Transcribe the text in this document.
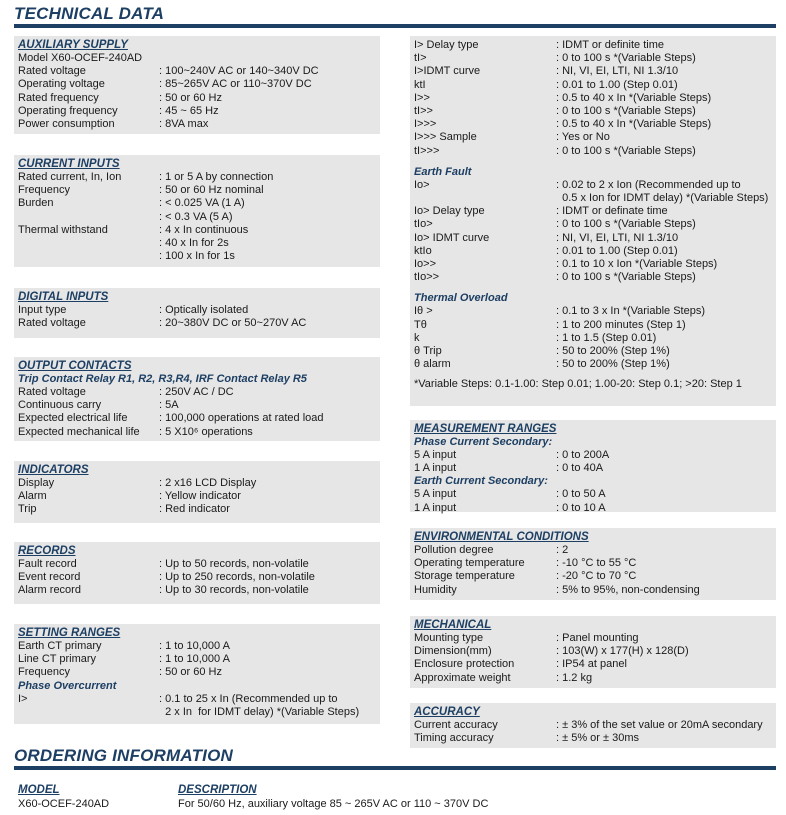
TECHNICAL DATA
AUXILIARY SUPPLY
Model X60-OCEF-240AD
Rated voltage	: 100~240V AC or 140~340V DC
Operating voltage	: 85~265V AC or 110~370V DC
Rated frequency	: 50 or 60 Hz
Operating frequency	: 45 ~ 65 Hz
Power consumption	: 8VA max
CURRENT INPUTS
Rated current, In, Ion	: 1 or 5 A by connection
Frequency	: 50 or 60 Hz nominal
Burden	: < 0.025 VA (1 A)
: < 0.3 VA (5 A)
Thermal withstand	: 4 x In continuous
: 40 x In for 2s
: 100 x In for 1s
DIGITAL INPUTS
Input type	: Optically isolated
Rated voltage	: 20~380V DC or 50~270V AC
OUTPUT CONTACTS
Trip Contact Relay R1, R2, R3,R4, IRF Contact Relay R5
Rated voltage	: 250V AC / DC
Continuous carry	: 5A
Expected electrical life	: 100,000 operations at rated load
Expected mechanical life	: 5 X10⁶ operations
INDICATORS
Display	: 2 x16 LCD Display
Alarm	: Yellow indicator
Trip	: Red indicator
RECORDS
Fault record	: Up to 50 records, non-volatile
Event record	: Up to 250 records, non-volatile
Alarm record	: Up to 30 records, non-volatile
SETTING RANGES
Earth CT primary	: 1 to 10,000 A
Line CT primary	: 1 to 10,000 A
Frequency	: 50 or 60 Hz
Phase Overcurrent
I>	: 0.1 to 25 x In (Recommended up to
2 x In  for IDMT delay) *(Variable Steps)
I> Delay type	: IDMT or definite time
tI>	: 0 to 100 s *(Variable Steps)
I>IDMT curve	: NI, VI, EI, LTI, NI 1.3/10
ktI	: 0.01 to 1.00 (Step 0.01)
I>>	: 0.5 to 40 x In *(Variable Steps)
tI>>	: 0 to 100 s *(Variable Steps)
I>>>	: 0.5 to 40 x In *(Variable Steps)
I>>> Sample	: Yes or No
tI>>>	: 0 to 100 s *(Variable Steps)
Earth Fault
Io>	: 0.02 to 2 x Ion (Recommended up to
0.5 x Ion for IDMT delay) *(Variable Steps)
Io> Delay type	: IDMT or definate time
tIo>	: 0 to 100 s *(Variable Steps)
Io> IDMT curve	: NI, VI, EI, LTI, NI 1.3/10
ktIo	: 0.01 to 1.00 (Step 0.01)
Io>>	: 0.1 to 10 x Ion *(Variable Steps)
tIo>>	: 0 to 100 s *(Variable Steps)
Thermal Overload
Iθ >	: 0.1 to 3 x In *(Variable Steps)
Tθ	: 1 to 200 minutes (Step 1)
k	: 1 to 1.5 (Step 0.01)
θ Trip	: 50 to 200% (Step 1%)
θ alarm	: 50 to 200% (Step 1%)
*Variable Steps: 0.1-1.00: Step 0.01; 1.00-20: Step 0.1; >20: Step 1
MEASUREMENT RANGES
Phase Current Secondary:
5 A input	: 0 to 200A
1 A input	: 0 to 40A
Earth Current Secondary:
5 A input	: 0 to 50 A
1 A input	: 0 to 10 A
ENVIRONMENTAL CONDITIONS
Pollution degree	: 2
Operating temperature	: -10 °C to 55 °C
Storage temperature	: -20 °C to 70 °C
Humidity	: 5% to 95%, non-condensing
MECHANICAL
Mounting type	: Panel mounting
Dimension(mm)	: 103(W) x 177(H) x 128(D)
Enclosure protection	: IP54 at panel
Approximate weight	: 1.2 kg
ACCURACY
Current accuracy	: ± 3% of the set value or 20mA secondary
Timing accuracy	: ± 5% or ± 30ms
ORDERING INFORMATION
MODEL	DESCRIPTION
X60-OCEF-240AD	For 50/60 Hz, auxiliary voltage 85 ~ 265V AC or 110 ~ 370V DC
